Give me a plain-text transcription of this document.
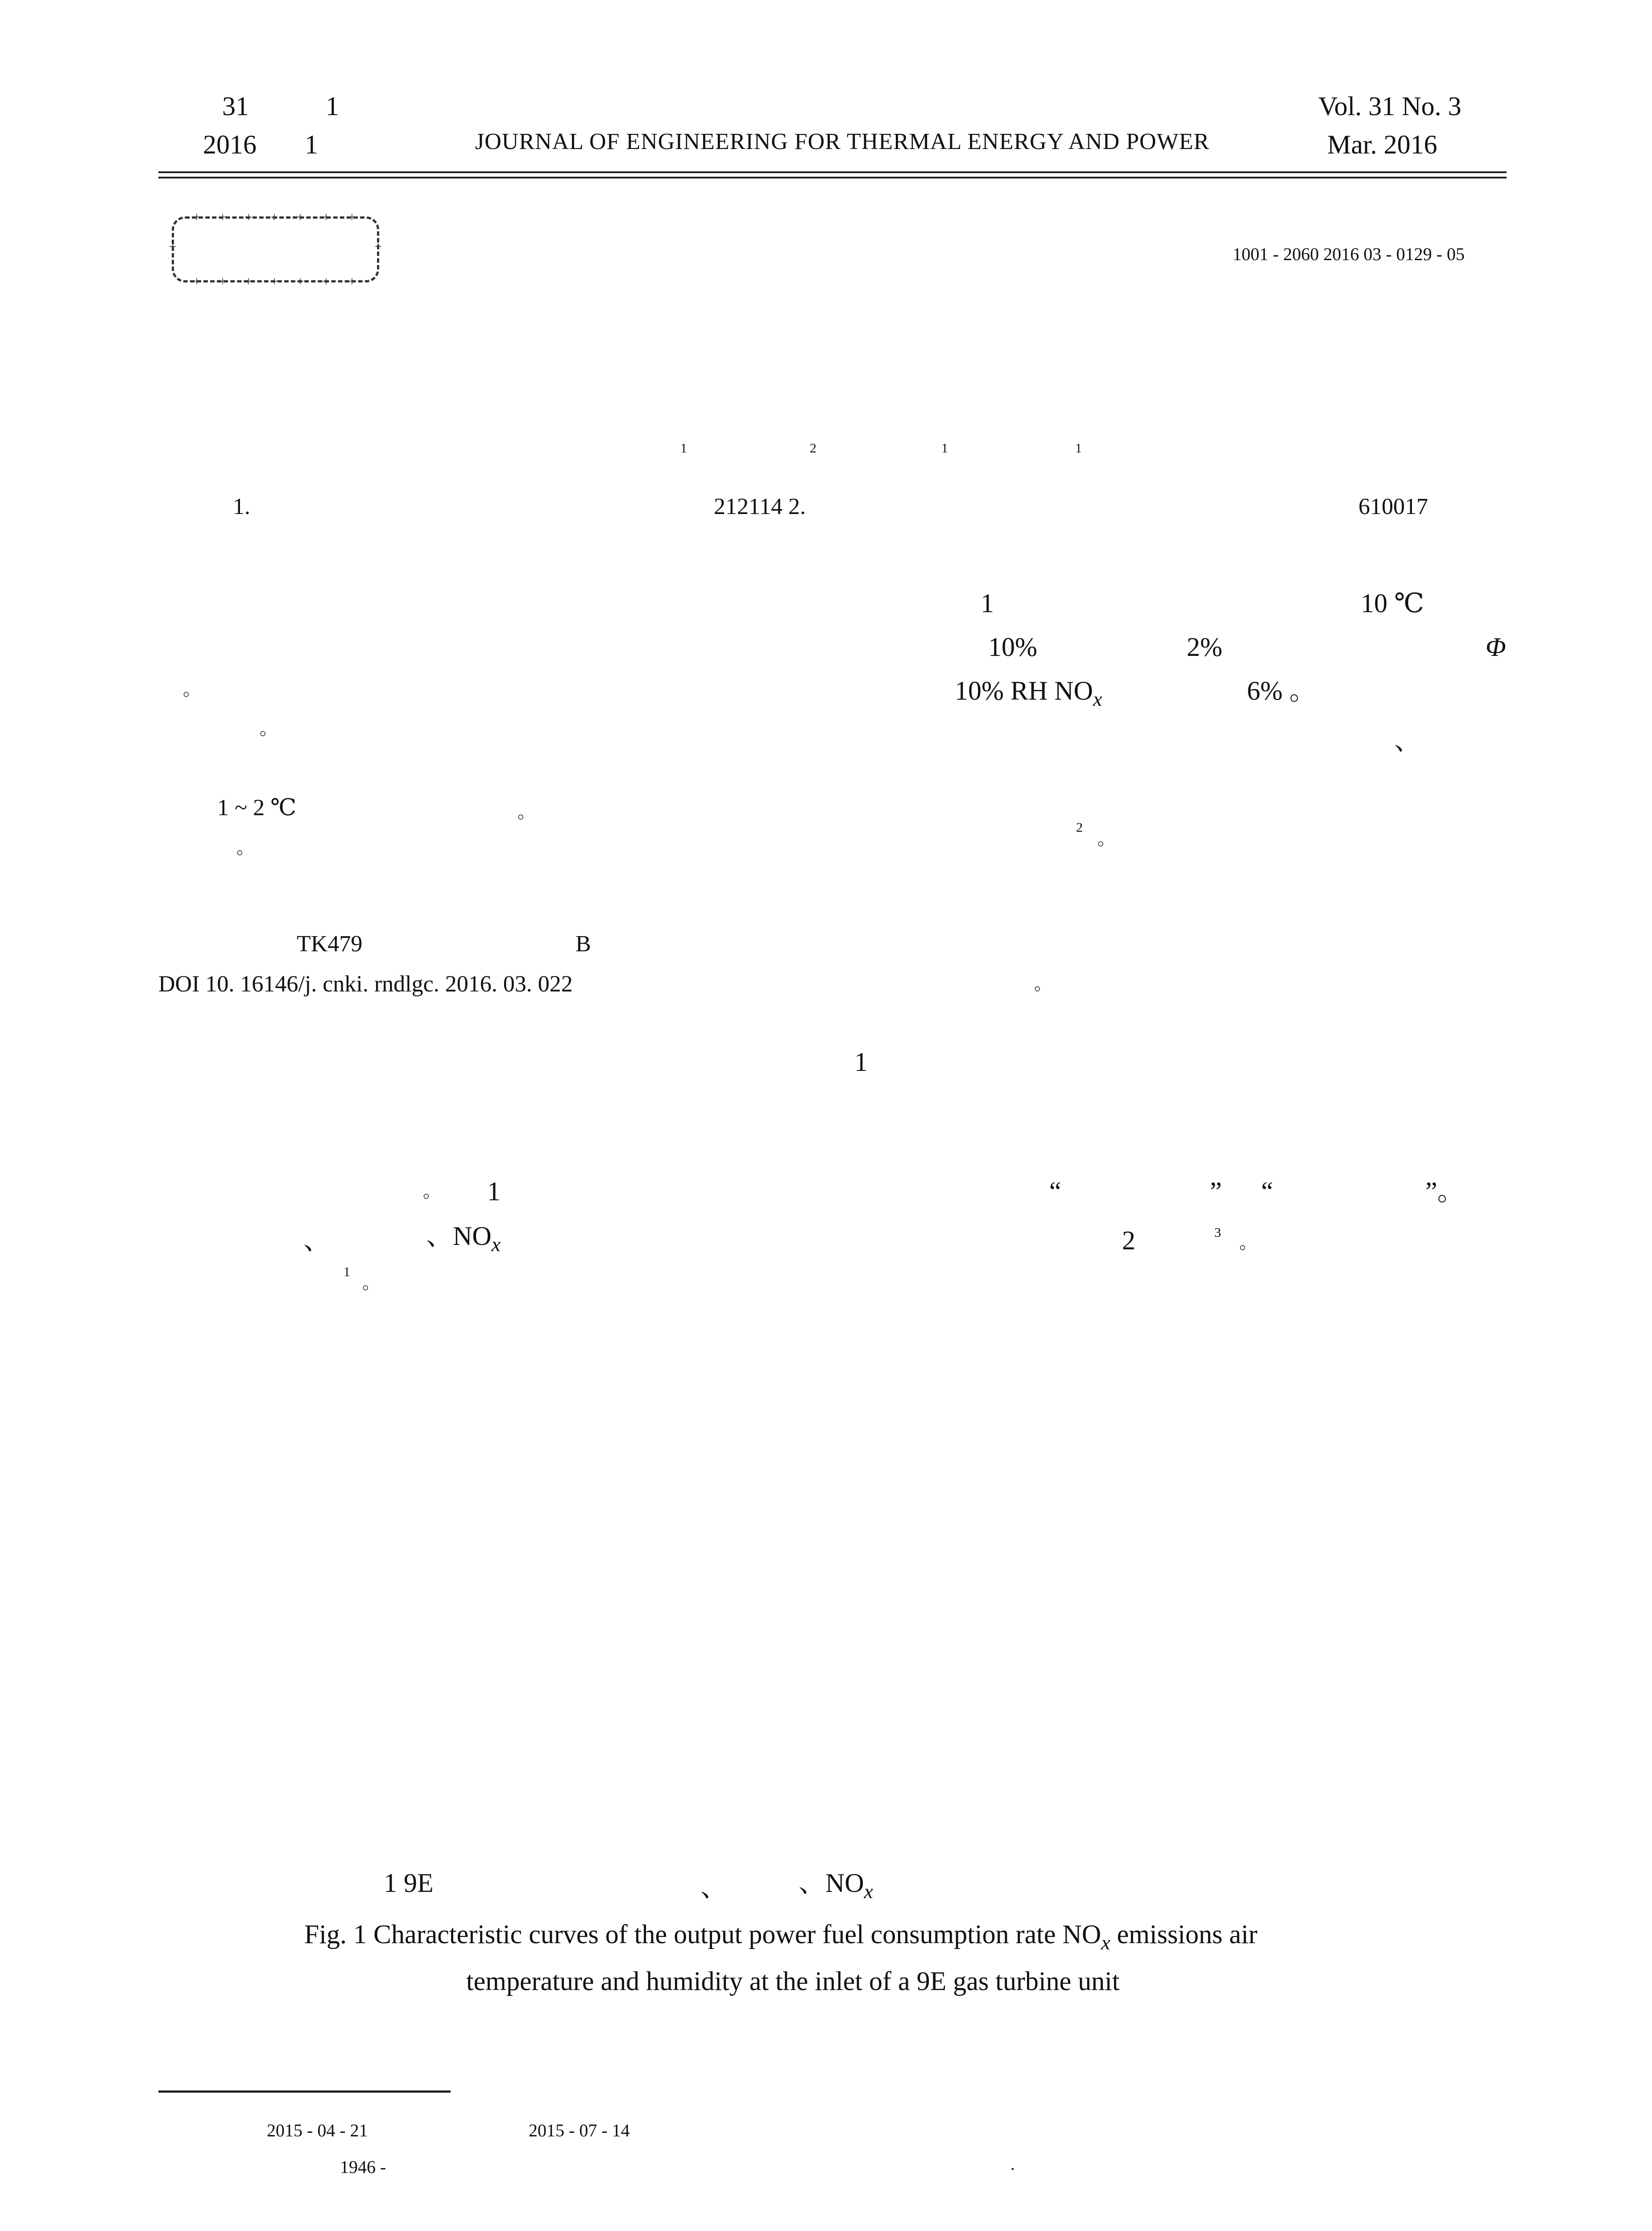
31	1
2016 1	JOURNAL OF ENGINEERING FOR THERMAL ENERGY AND POWER
Vol. 31 No. 3
Mar. 2016
+	+
+
+
+
+
+
+
+
+
+
+
+
+
+
+
1001 - 2060 2016 03 - 0129 - 05
1	2	1	1
1.	212114 2.	610017
。
。
1 ~ 2 ℃	。
。
1	10 ℃
10%	2%	Φ
10% RH $NO_x$	6% 。
、
2
。
TK479	B
DOI 10. 16146/j. cnki. rndlgc. 2016. 03. 022	。
1
。 1
、	、$NO_x$
1
。
“	” “	”。
2	3 。
1 9E	、	、$NO_x$
Fig. 1 Characteristic curves of the output power fuel consumption rate $NO_x$ emissions air
temperature and humidity at the inlet of a 9E gas turbine unit
2015 - 04 - 21	2015 - 07 - 14
1946 -	.
